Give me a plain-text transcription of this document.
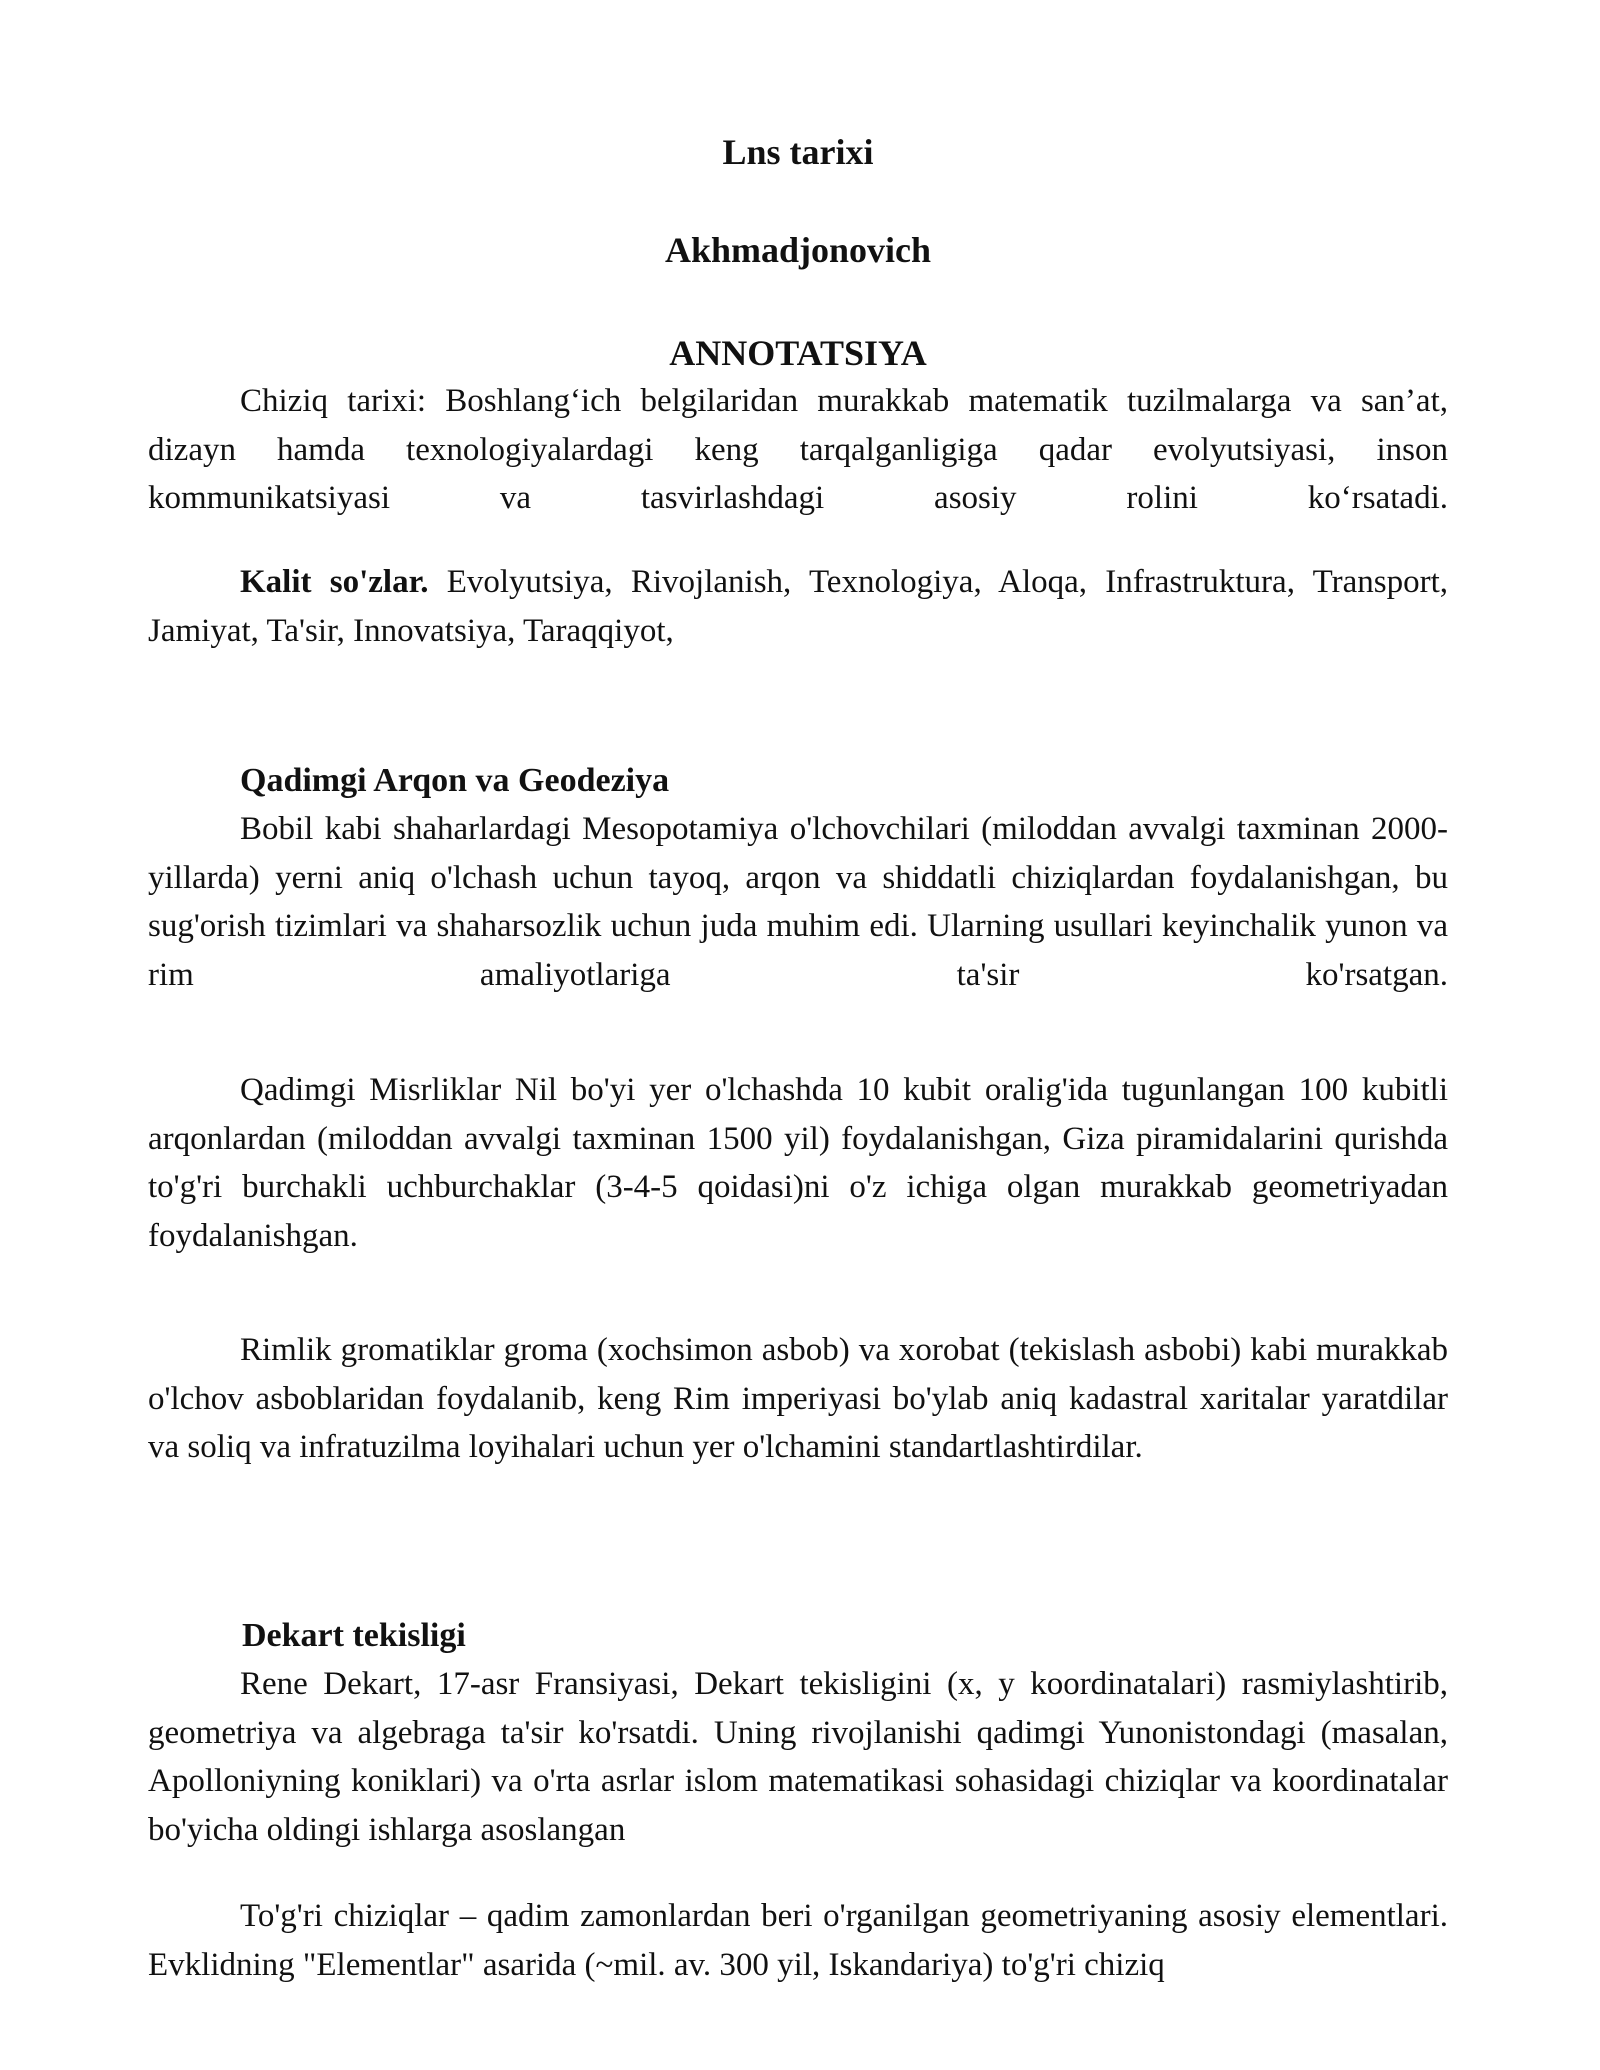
Lns tarixi
Akhmadjonovich
ANNOTATSIYA

Chiziq tarixi: Boshlang‘ich belgilaridan murakkab matematik tuzilmalarga va san’at, dizayn hamda texnologiyalardagi keng tarqalganligiga qadar evolyutsiyasi, inson kommunikatsiyasi va tasvirlashdagi asosiy rolini ko‘rsatadi.

Kalit so'zlar. Evolyutsiya, Rivojlanish, Texnologiya, Aloqa, Infrastruktura, Transport, Jamiyat, Ta'sir, Innovatsiya, Taraqqiyot,

Qadimgi Arqon va Geodeziya

Bobil kabi shaharlardagi Mesopotamiya o'lchovchilari (miloddan avvalgi taxminan 2000-yillarda) yerni aniq o'lchash uchun tayoq, arqon va shiddatli chiziqlardan foydalanishgan, bu sug'orish tizimlari va shaharsozlik uchun juda muhim edi. Ularning usullari keyinchalik yunon va rim amaliyotlariga ta'sir ko'rsatgan.

Qadimgi Misrliklar Nil bo'yi yer o'lchashda 10 kubit oralig'ida tugunlangan 100 kubitli arqonlardan (miloddan avvalgi taxminan 1500 yil) foydalanishgan, Giza piramidalarini qurishda to'g'ri burchakli uchburchaklar (3-4-5 qoidasi)ni o'z ichiga olgan murakkab geometriyadan foydalanishgan.

Rimlik gromatiklar groma (xochsimon asbob) va xorobat (tekislash asbobi) kabi murakkab o'lchov asboblaridan foydalanib, keng Rim imperiyasi bo'ylab aniq kadastral xaritalar yaratdilar va soliq va infratuzilma loyihalari uchun yer o'lchamini standartlashtirdilar.

Dekart tekisligi

Rene Dekart, 17-asr Fransiyasi, Dekart tekisligini (x, y koordinatalari) rasmiylashtirib, geometriya va algebraga ta'sir ko'rsatdi. Uning rivojlanishi qadimgi Yunonistondagi (masalan, Apolloniyning koniklari) va o'rta asrlar islom matematikasi sohasidagi chiziqlar va koordinatalar bo'yicha oldingi ishlarga asoslangan

To'g'ri chiziqlar – qadim zamonlardan beri o'rganilgan geometriyaning asosiy elementlari. Evklidning "Elementlar" asarida (~mil. av. 300 yil, Iskandariya) to'g'ri chiziq
